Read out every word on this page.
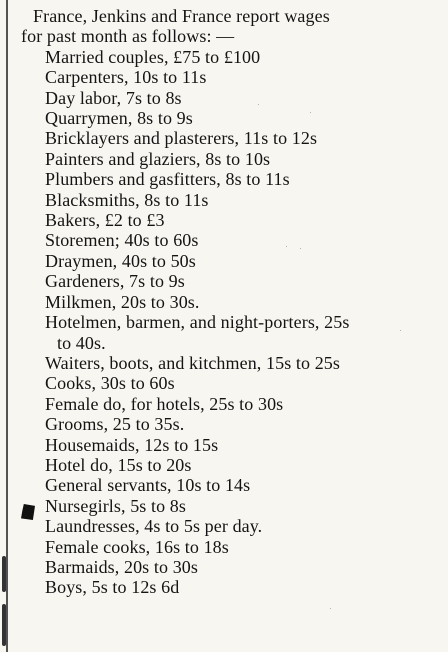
France, Jenkins and France report wages
for past month as follows: —
Married couples, £75 to £100
Carpenters, 10s to 11s
Day labor, 7s to 8s
Quarrymen, 8s to 9s
Bricklayers and plasterers, 11s to 12s
Painters and glaziers, 8s to 10s
Plumbers and gasfitters, 8s to 11s
Blacksmiths, 8s to 11s
Bakers, £2 to £3
Storemen; 40s to 60s
Draymen, 40s to 50s
Gardeners, 7s to 9s
Milkmen, 20s to 30s.
Hotelmen, barmen, and night-porters, 25s
to 40s.
Waiters, boots, and kitchmen, 15s to 25s
Cooks, 30s to 60s
Female do, for hotels, 25s to 30s
Grooms, 25 to 35s.
Housemaids, 12s to 15s
Hotel do, 15s to 20s
General servants, 10s to 14s
Nursegirls, 5s to 8s
Laundresses, 4s to 5s per day.
Female cooks, 16s to 18s
Barmaids, 20s to 30s
Boys, 5s to 12s 6d
